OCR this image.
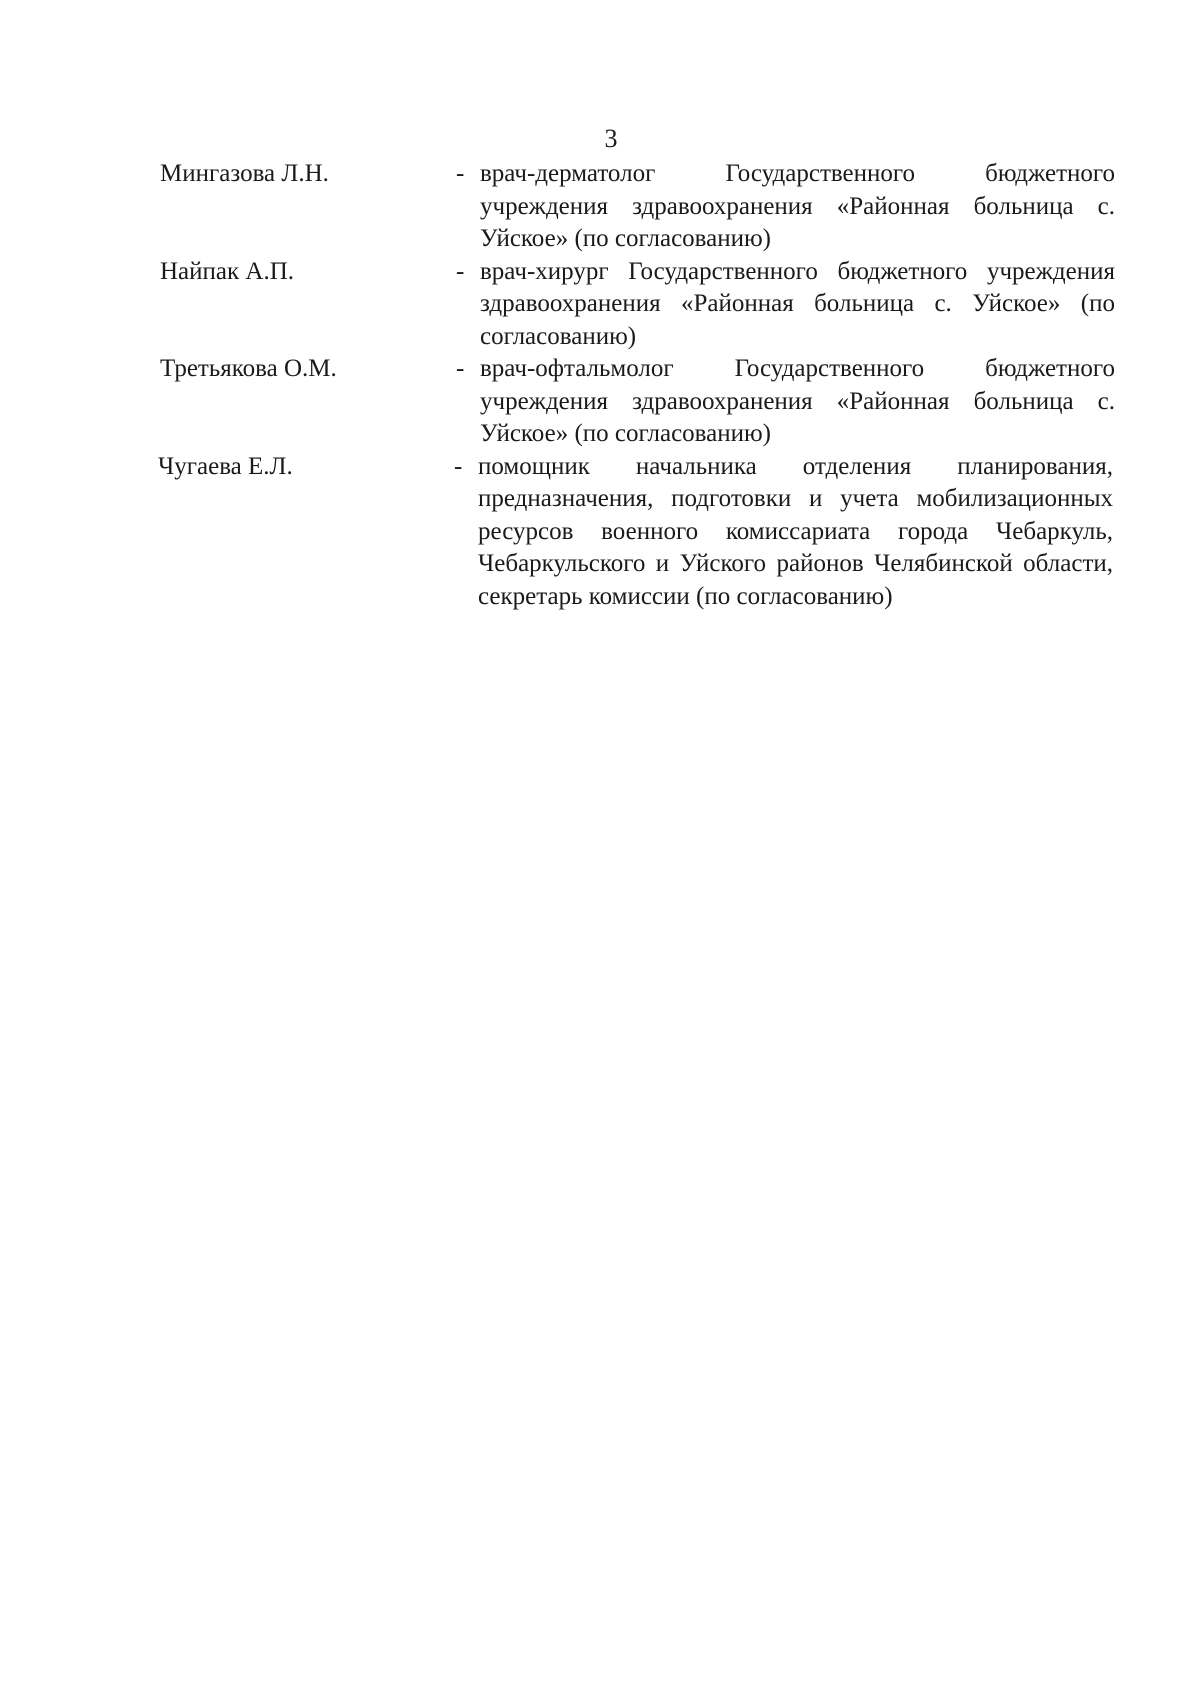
3
Мингазова Л.Н.	- врач-дерматолог Государственного бюджетного учреждения здравоохранения «Районная больница с. Уйское» (по согласованию)
Найпак А.П.	- врач-хирург Государственного бюджетного учреждения здравоохранения «Районная больница с. Уйское» (по согласованию)
Третьякова О.М.	- врач-офтальмолог Государственного бюджетного учреждения здравоохранения «Районная больница с. Уйское» (по согласованию)
Чугаева Е.Л.	- помощник начальника отделения планирования, предназначения, подготовки и учета мобилизационных ресурсов военного комиссариата города Чебаркуль, Чебаркульского и Уйского районов Челябинской области, секретарь комиссии (по согласованию)
